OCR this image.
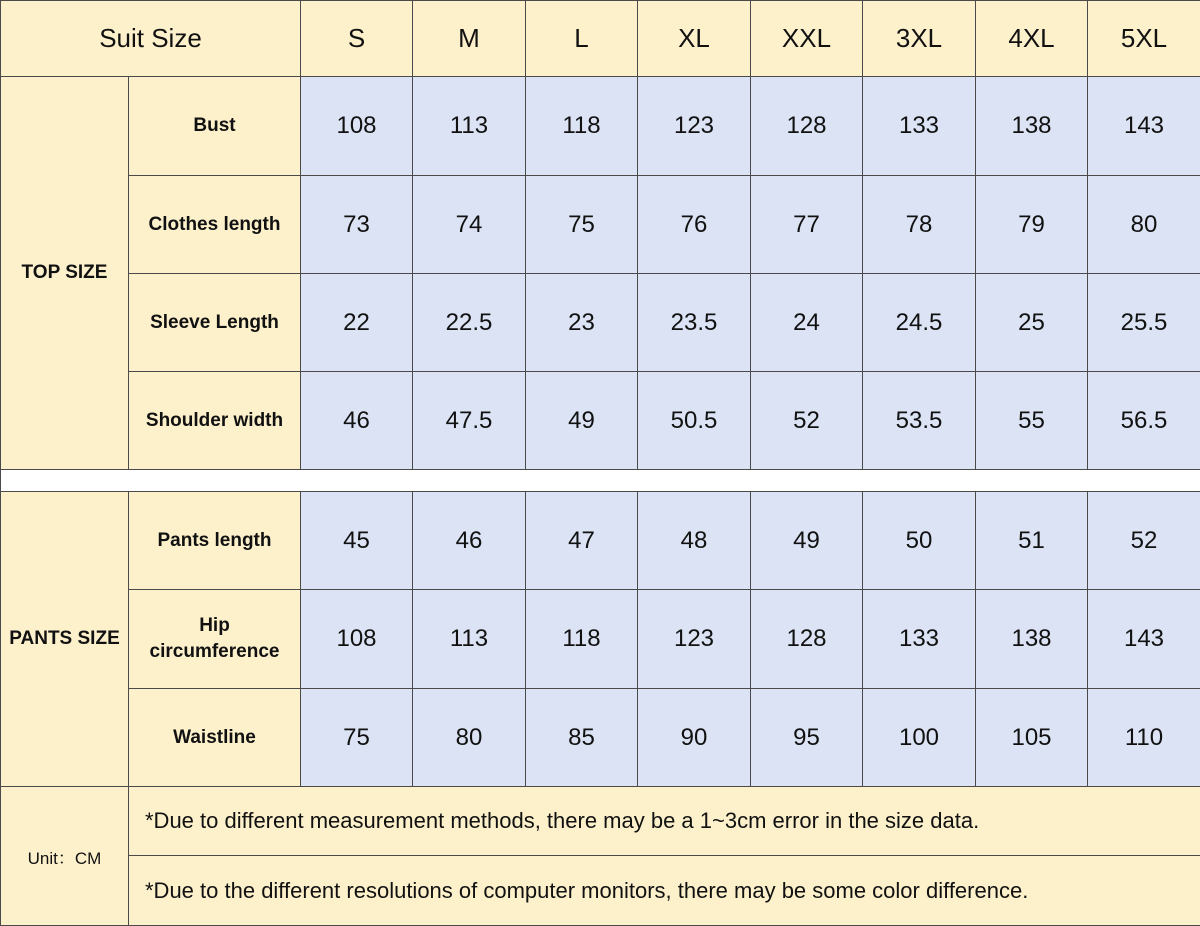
Suit Size	S	M	L	XL	XXL	3XL	4XL	5XL
TOP SIZE
Bust	108	113	118	123	128	133	138	143
Clothes length	73	74	75	76	77	78	79	80
Sleeve Length	22	22.5	23	23.5	24	24.5	25	25.5
Shoulder width	46	47.5	49	50.5	52	53.5	55	56.5
PANTS SIZE
Pants length	45	46	47	48	49	50	51	52
Hip circumference	108	113	118	123	128	133	138	143
Waistline	75	80	85	90	95	100	105	110
Unit：CM
*Due to different measurement methods, there may be a 1~3cm error in the size data.
*Due to the different resolutions of computer monitors, there may be some color difference.
